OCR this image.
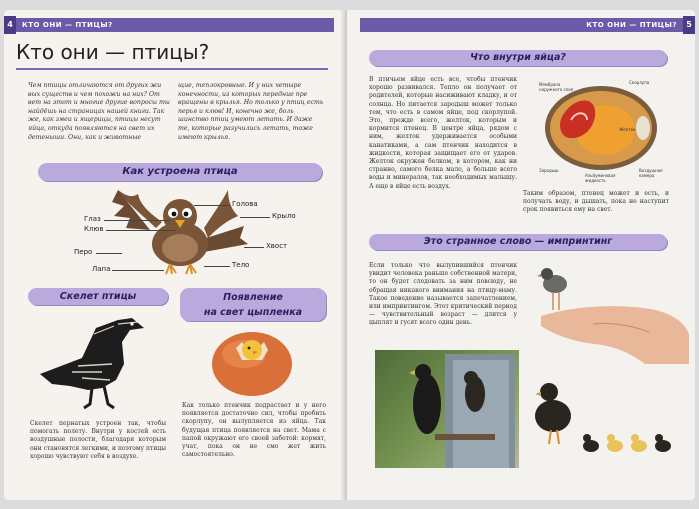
4	КТО ОНИ — ПТИЦЫ?
Кто они — птицы?
Чем птицы отличаются от других жи вых существ и чем похожи на них? От вет на этот и многие другие вопросы ты найдёшь на страницах нашей книги. Так же, как змеи и ящерицы, птицы несут яйца, откуда появляются на свет их детеныши. Они, как и животные
щие, теплокровные. И у них четыре конечности, из которых передние пре вращены в крылья. Но только у птиц есть перья и клюв! И, конечно же, боль шинство птиц умеют летать. И даже те, которые разучились летать, тоже имеют крылья.
Как устроена птица
Голова
Глаз
Клюв
Крыло
Хвост
Перо
Тело
Лапа
Скелет птицы
Скелет пернатых устроен так, чтобы помогать полету. Внутри у костей есть воздушные полости, благодаря которым они становятся легкими, и поэтому птицы хорошо чувствуют себя в воздухе.
Появление
на свет цыпленка
Как только птенчик подрастает и у него появляется достаточно сил, чтобы пробить скорлупу, он вылупляется из яйца. Так будущая птица появляется на свет. Мама с папой окружают его своей заботой: кормят, учат, пока он не смо жет жить самостоятельно.
5
КТО ОНИ — ПТИЦЫ?
Что внутри яйца?
В птичьем яйце есть все, чтобы птенчик хорошо развивался. Тепло он получает от родителей, которые насиживают кладку, и от солнца. Но питается зародыш может только тем, что есть в самом яйце, под скорлупой. Это, прежде всего, желток, которым и кормится птенец. В центре яйца, рядом с ним, желток удерживается особыми канатиками, а сам птенчик находится в жидкости, которая защищает его от ударов. Желток окружен белком, в котором, как ни странно, самого белка мало, а больше всего воды и минералов, так необходимых малышу. А еще в яйце есть воздух.
Мембрана наружного слоя
Скорлупа
Желток
Зародыш
Альбуминовая жидкость
Воздушная камера
Таким образом, птенец может и есть, и получать воду, и дышать, пока не наступит срок появиться ему на свет.
Это странное слово — импринтинг
Если только что вылупившийся птенчик увидит человека раньше собственной матери, то он будет следовать за ним повсюду, не обращая никакого внимания на птицу-маму. Такое поведение называется запечатлением, или импринтингом. Этот критический период — чувствительный возраст — длится у цыплят и гусят всего один день.
